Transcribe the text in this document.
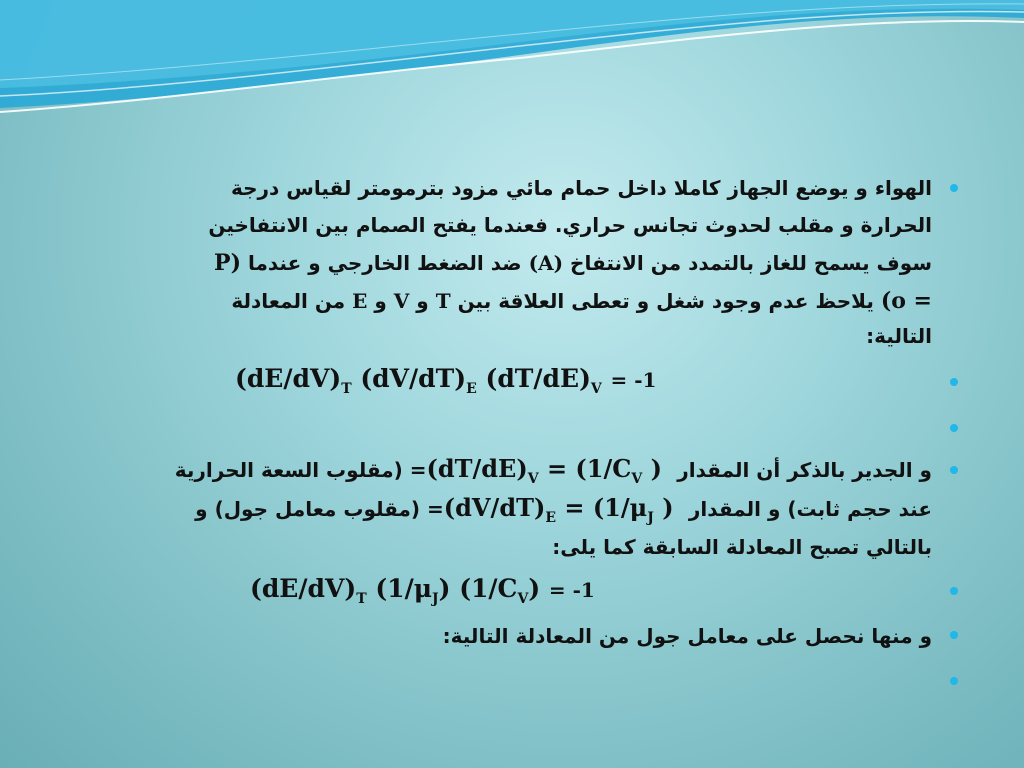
الهواء و يوضع الجهاز كاملا داخل حمام مائي مزود بترمومتر لقياس درجة
الحرارة و مقلب لحدوث تجانس حراري. فعندما يفتح الصمام بين الانتفاخين
سوف يسمح للغاز بالتمدد من الانتفاخ (A) ضد الضغط الخارجي و عندما P)
(o = يلاحظ عدم وجود شغل و تعطى العلاقة بين T و V و E من المعادلة
التالية:
$(dE/dV)_T$ $(dV/dT)_E$ $(dT/dE)_V = -1$
و الجدير بالذكر أن المقدار $(dT/dE)_V = (1/C_V$ ) = (مقلوب السعة الحرارية
عند حجم ثابت) و المقدار $(dV/dT)_E = (1/\mu_J$ ) = (مقلوب معامل جول) و
بالتالي تصبح المعادلة السابقة كما يلى:
$(dE/dV)_T$ $(1/\mu_J) (1/C_V) = -1$
و منها نحصل على معامل جول من المعادلة التالية:
